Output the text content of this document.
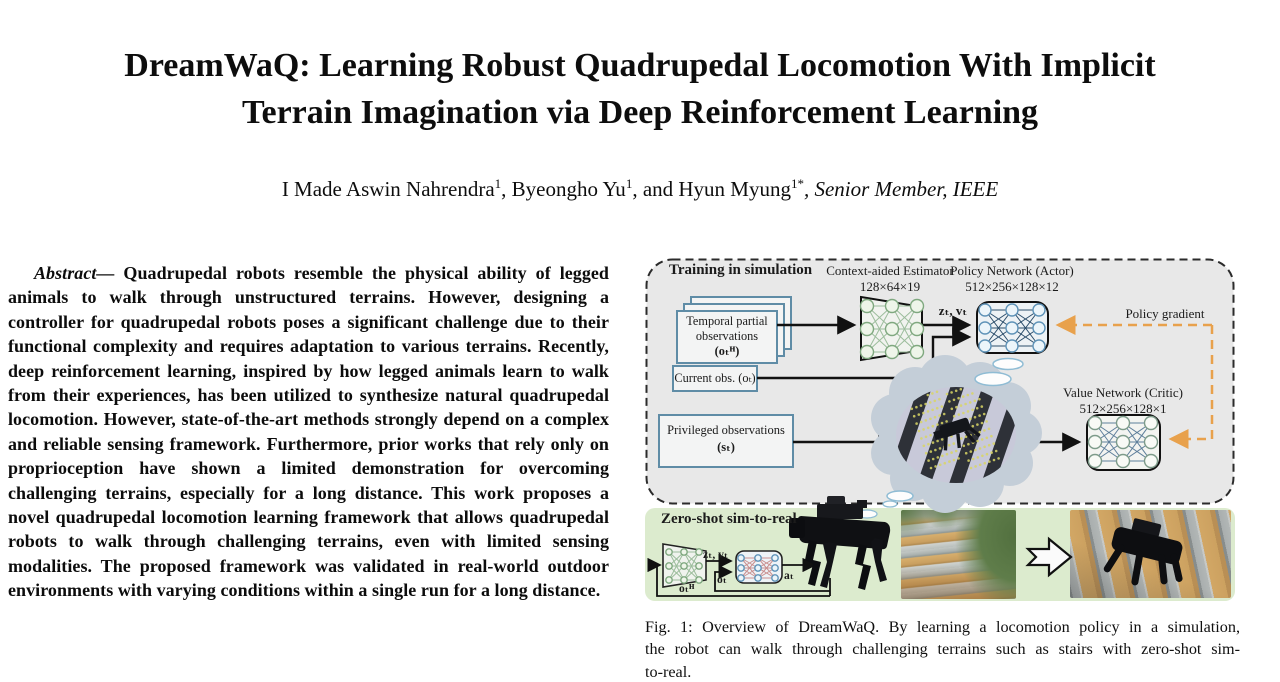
DreamWaQ: Learning Robust Quadrupedal Locomotion With Implicit
Terrain Imagination via Deep Reinforcement Learning
I Made Aswin Nahrendra$^1$, Byeongho Yu$^1$, and Hyun Myung$^{1*}$, Senior Member, IEEE
Abstract— Quadrupedal robots resemble the physical ability of legged animals to walk through unstructured terrains. However, designing a controller for quadrupedal robots poses a significant challenge due to their functional complexity and requires adaptation to various terrains. Recently, deep reinforcement learning, inspired by how legged animals learn to walk from their experiences, has been utilized to synthesize natural quadrupedal locomotion. However, state-of-the-art methods strongly depend on a complex and reliable sensing framework. Furthermore, prior works that rely only on proprioception have shown a limited demonstration for overcoming challenging terrains, especially for a long distance. This work proposes a novel quadrupedal locomotion learning framework that allows quadrupedal robots to walk through challenging terrains, even with limited sensing modalities. The proposed framework was validated in real-world outdoor environments with varying conditions within a single run for a long distance.
Training in simulation	Context-aided Estimator
128×64×19
Policy Network (Actor)
512×256×128×12
Value Network (Critic)
512×256×128×1
Policy gradient
zₜ, vₜ
Temporal partial
observations
(oₜᴴ)
Current obs. (oₜ)
Privileged observations
(sₜ)
Zero-shot sim-to-real
zₜ, vₜ
oₜ	aₜ
oₜᴴ
Fig. 1: Overview of DreamWaQ. By learning a locomotion policy in a simulation, the robot can walk through challenging terrains such as stairs with zero-shot sim-to-real.
